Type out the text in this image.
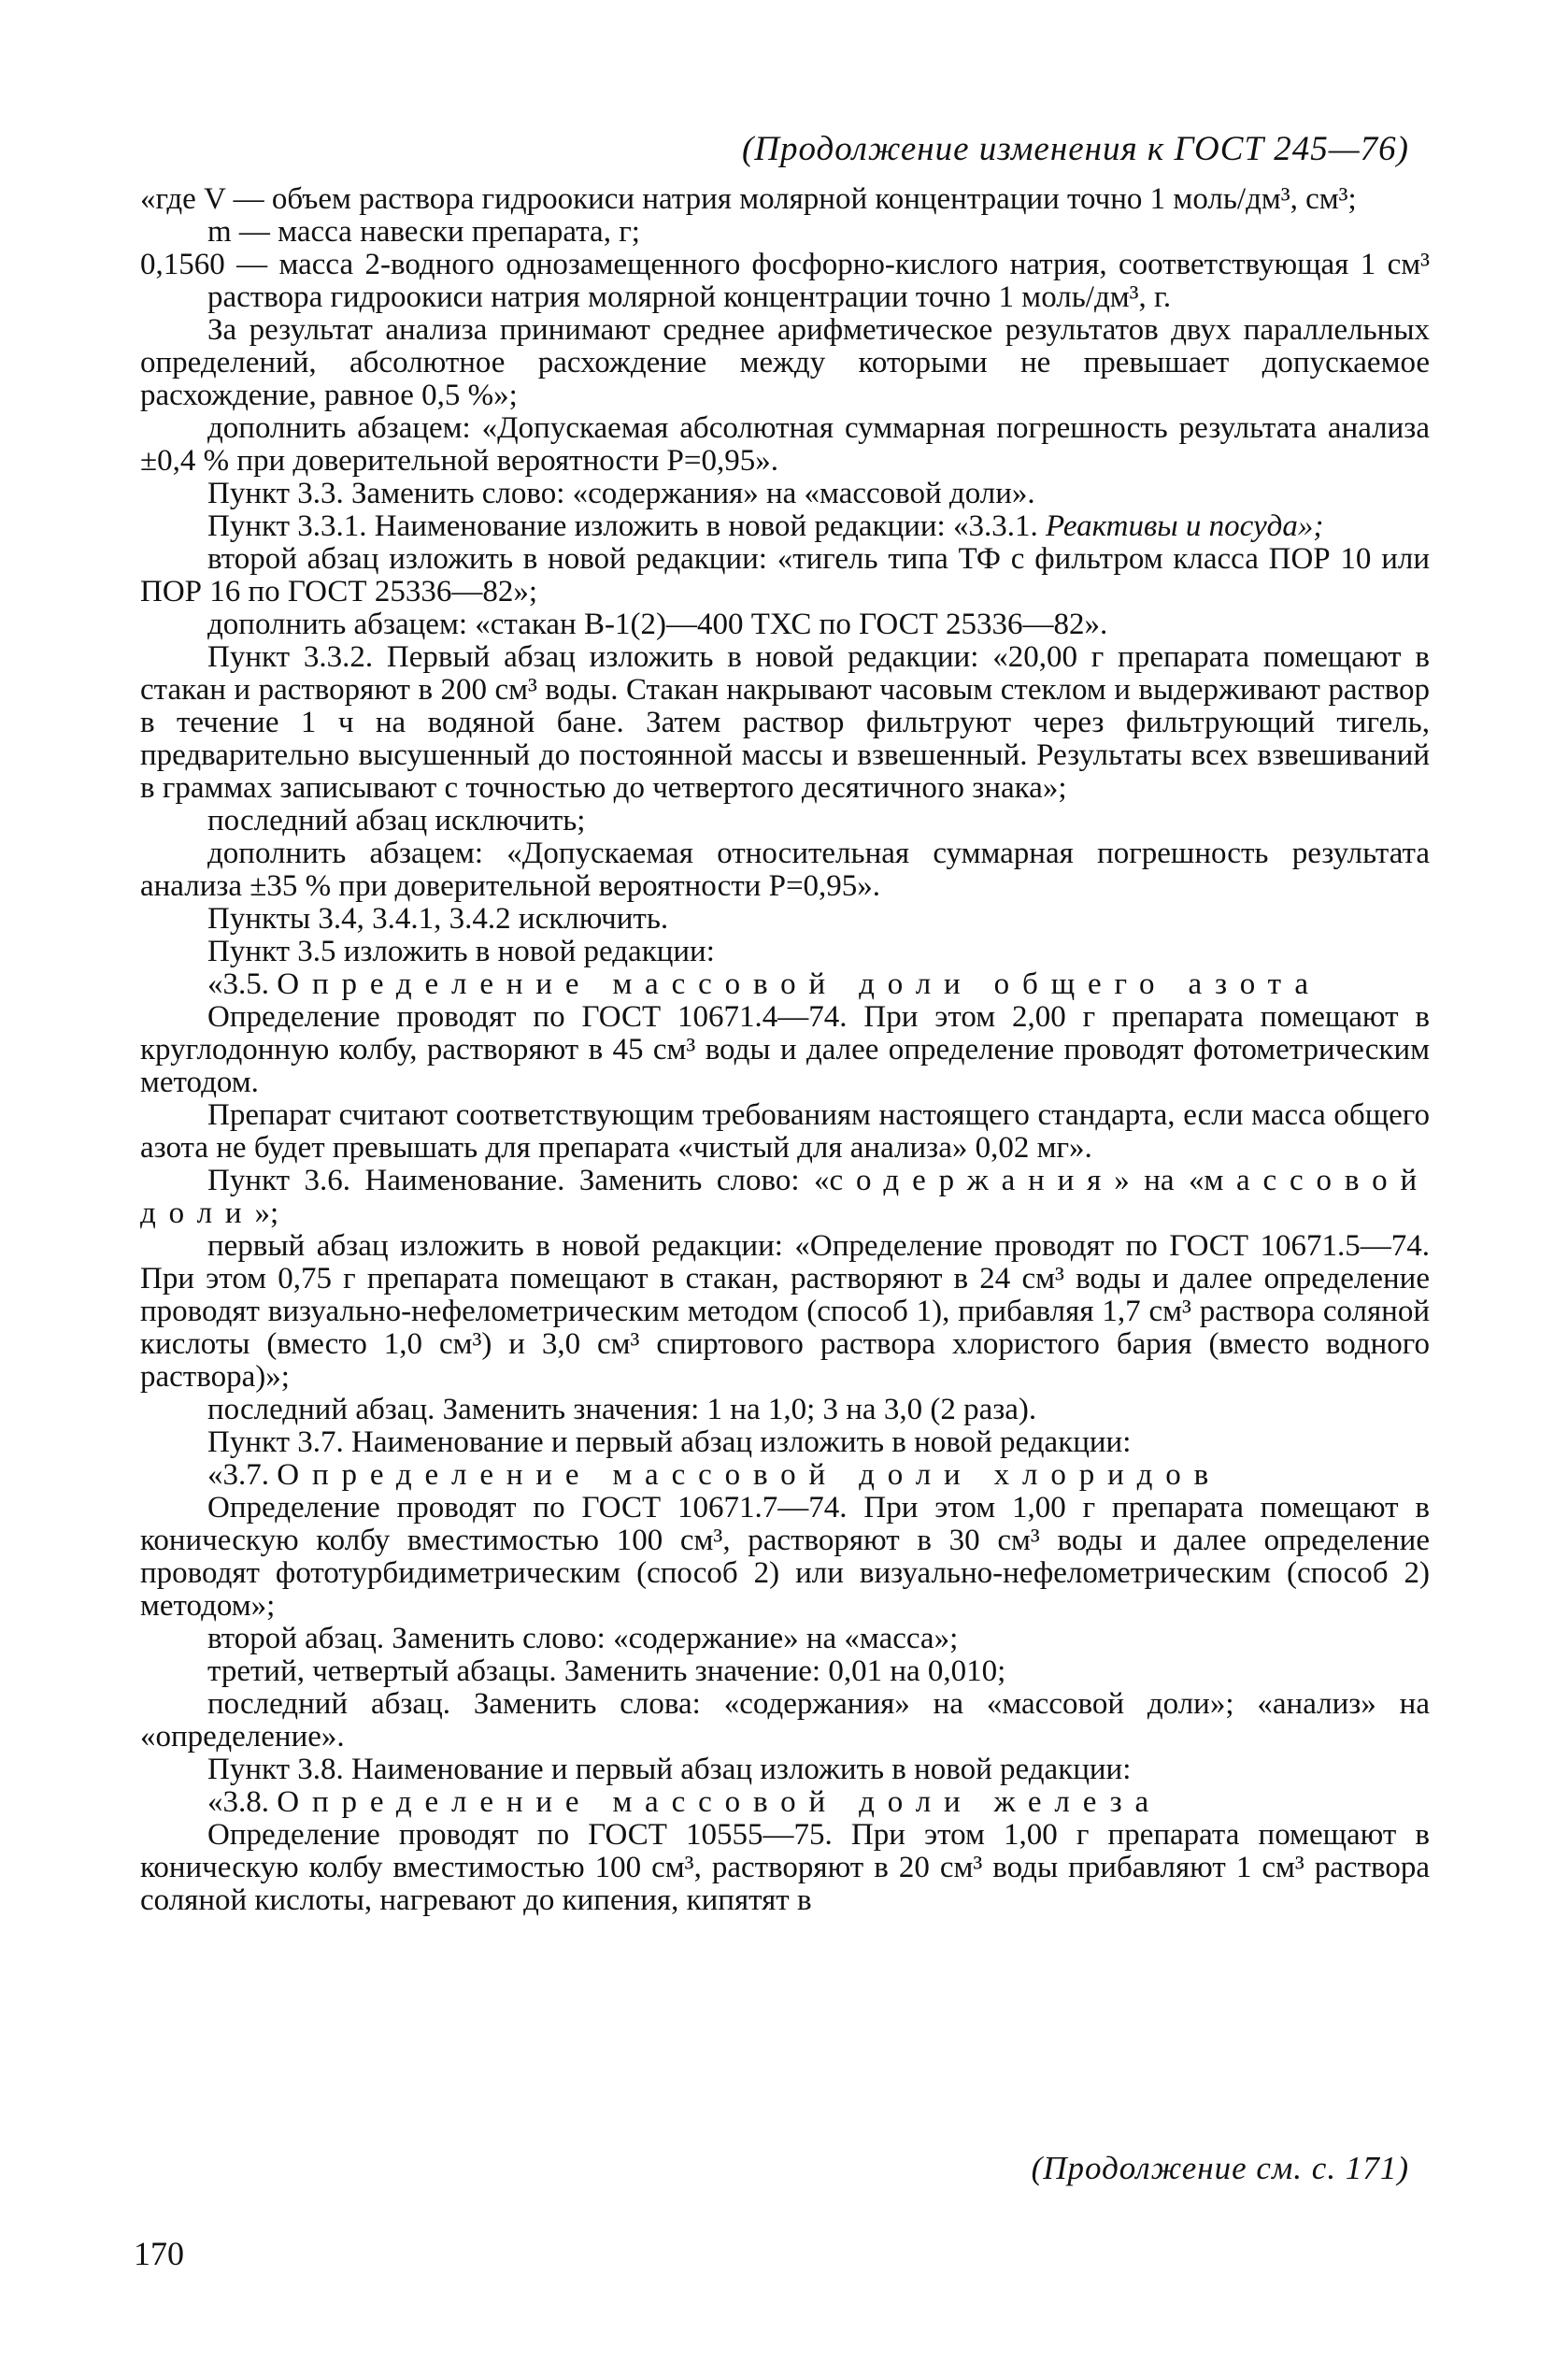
(Продолжение изменения к ГОСТ 245—76)

«где V — объем раствора гидроокиси натрия молярной концентрации точно 1 моль/дм³, см³;

m — масса навески препарата, г;

0,1560 — масса 2-водного однозамещенного фосфорно-кислого натрия, соответствующая 1 см³ раствора гидроокиси натрия молярной концентрации точно 1 моль/дм³, г.

За результат анализа принимают среднее арифметическое результатов двух параллельных определений, абсолютное расхождение между которыми не превышает допускаемое расхождение, равное 0,5 %»;

дополнить абзацем: «Допускаемая абсолютная суммарная погрешность результата анализа ±0,4 % при доверительной вероятности P=0,95».

Пункт 3.3. Заменить слово: «содержания» на «массовой доли».

Пункт 3.3.1. Наименование изложить в новой редакции: «3.3.1. Реактивы и посуда»;

второй абзац изложить в новой редакции: «тигель типа ТФ с фильтром класса ПОР 10 или ПОР 16 по ГОСТ 25336—82»;

дополнить абзацем: «стакан В-1(2)—400 ТХС по ГОСТ 25336—82».

Пункт 3.3.2. Первый абзац изложить в новой редакции: «20,00 г препарата помещают в стакан и растворяют в 200 см³ воды. Стакан накрывают часовым стеклом и выдерживают раствор в течение 1 ч на водяной бане. Затем раствор фильтруют через фильтрующий тигель, предварительно высушенный до постоянной массы и взвешенный. Результаты всех взвешиваний в граммах записывают с точностью до четвертого десятичного знака»;

последний абзац исключить;

дополнить абзацем: «Допускаемая относительная суммарная погрешность результата анализа ±35 % при доверительной вероятности P=0,95».

Пункты 3.4, 3.4.1, 3.4.2 исключить.

Пункт 3.5 изложить в новой редакции:

«3.5. Определение массовой доли общего азота

Определение проводят по ГОСТ 10671.4—74. При этом 2,00 г препарата помещают в круглодонную колбу, растворяют в 45 см³ воды и далее определение проводят фотометрическим методом.

Препарат считают соответствующим требованиям настоящего стандарта, если масса общего азота не будет превышать для препарата «чистый для анализа» 0,02 мг».

Пункт 3.6. Наименование. Заменить слово: «содержания» на «массовой доли»;

первый абзац изложить в новой редакции: «Определение проводят по ГОСТ 10671.5—74. При этом 0,75 г препарата помещают в стакан, растворяют в 24 см³ воды и далее определение проводят визуально-нефелометрическим методом (способ 1), прибавляя 1,7 см³ раствора соляной кислоты (вместо 1,0 см³) и 3,0 см³ спиртового раствора хлористого бария (вместо водного раствора)»;

последний абзац. Заменить значения: 1 на 1,0; 3 на 3,0 (2 раза).

Пункт 3.7. Наименование и первый абзац изложить в новой редакции:

«3.7. Определение массовой доли хлоридов

Определение проводят по ГОСТ 10671.7—74. При этом 1,00 г препарата помещают в коническую колбу вместимостью 100 см³, растворяют в 30 см³ воды и далее определение проводят фототурбидиметрическим (способ 2) или визуально-нефелометрическим (способ 2) методом»;

второй абзац. Заменить слово: «содержание» на «масса»;

третий, четвертый абзацы. Заменить значение: 0,01 на 0,010;

последний абзац. Заменить слова: «содержания» на «массовой доли»; «анализ» на «определение».

Пункт 3.8. Наименование и первый абзац изложить в новой редакции:

«3.8. Определение массовой доли железа

Определение проводят по ГОСТ 10555—75. При этом 1,00 г препарата помещают в коническую колбу вместимостью 100 см³, растворяют в 20 см³ воды прибавляют 1 см³ раствора соляной кислоты, нагревают до кипения, кипятят в

(Продолжение см. с. 171)
170
